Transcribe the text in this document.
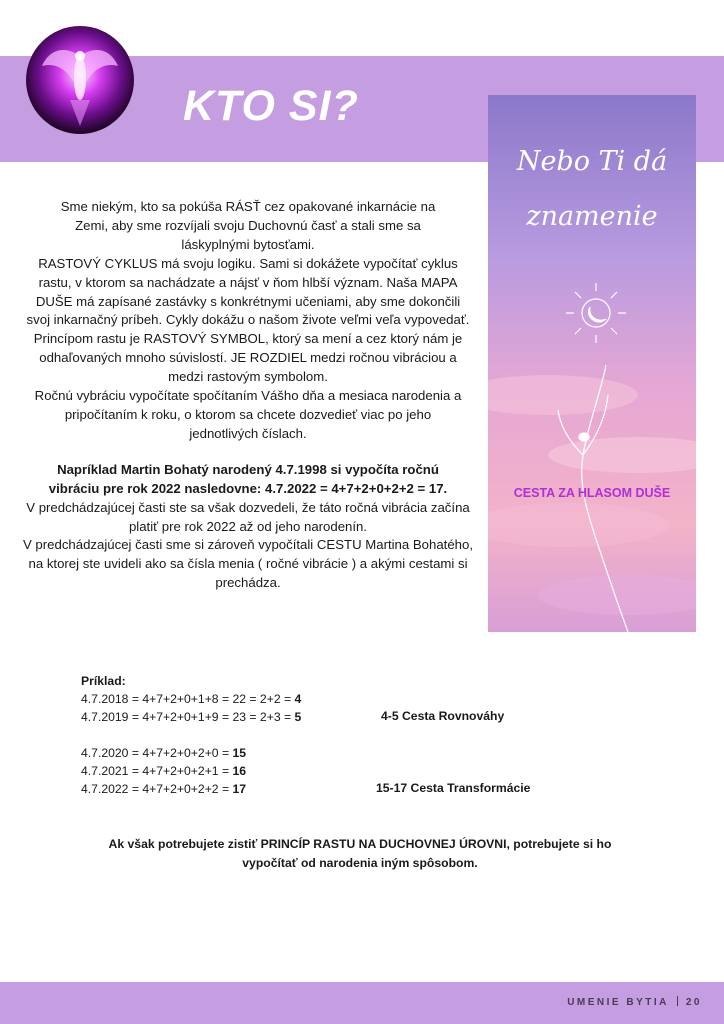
KTO SI?
Nebo Ti dá
znamenie
CESTA ZA HLASOM DUŠE

Sme niekým, kto sa pokúša RÁSŤ cez opakované inkarnácie na Zemi, aby sme rozvíjali svoju Duchovnú časť a stali sme sa láskyplnými bytosťami.

RASTOVÝ CYKLUS má svoju logiku. Sami si dokážete vypočítať cyklus rastu, v ktorom sa nachádzate a nájsť v ňom hlbší význam. Naša MAPA DUŠE má zapísané zastávky s konkrétnymi učeniami, aby sme dokončili svoj inkarnačný príbeh. Cykly dokážu o našom živote veľmi veľa vypovedať.

Princípom rastu je RASTOVÝ SYMBOL, ktorý sa mení a cez ktorý nám je odhaľovaných mnoho súvislostí. JE ROZDIEL medzi ročnou vibráciou a medzi rastovým symbolom.

Ročnú vybráciu vypočítate spočítaním Vášho dňa a mesiaca narodenia a pripočítaním k roku, o ktorom sa chcete dozvedieť viac po jeho jednotlivých číslach.

Napríklad Martin Bohatý narodený 4.7.1998 si vypočíta ročnú vibráciu pre rok 2022 nasledovne: 4.7.2022 = 4+7+2+0+2+2 = 17.

V predchádzajúcej časti ste sa však dozvedeli, že táto ročná vibrácia začína platiť pre rok 2022 až od jeho narodenín.

V predchádzajúcej časti sme si zároveň vypočítali CESTU Martina Bohatého, na ktorej ste uvideli ako sa čísla menia ( ročné vibrácie ) a akými cestami si prechádza.

Príklad:
4.7.2018 = 4+7+2+0+1+8 = 22 = 2+2 = 4
4.7.2019 = 4+7+2+0+1+9 = 23 = 2+3 = 5
4.7.2020 = 4+7+2+0+2+0 = 15
4.7.2021 = 4+7+2+0+2+1 = 16
4.7.2022 = 4+7+2+0+2+2 = 17
4-5 Cesta Rovnováhy
15-17 Cesta Transformácie
Ak však potrebujete zistiť PRINCÍP RASTU NA DUCHOVNEJ ÚROVNI, potrebujete si ho vypočítať od narodenia iným spôsobom.
UMENIE BYTIA 20
